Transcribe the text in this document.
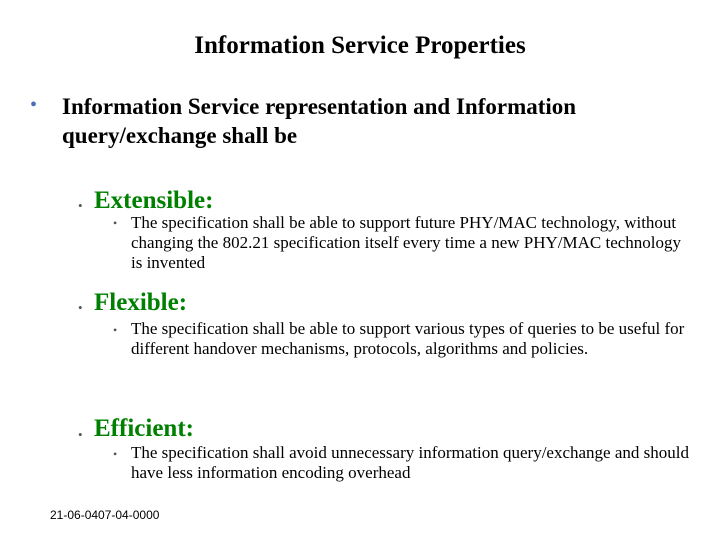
Information Service Properties
• Information Service representation and Information query/exchange shall be
• Extensible:
• The specification shall be able to support future PHY/MAC technology, without changing the 802.21 specification itself every time a new PHY/MAC technology is invented
• Flexible:
• The specification shall be able to support various types of queries to be useful for different handover mechanisms, protocols, algorithms and policies.
• Efficient:
• The specification shall avoid unnecessary information query/exchange and should have less information encoding overhead
21-06-0407-04-0000
